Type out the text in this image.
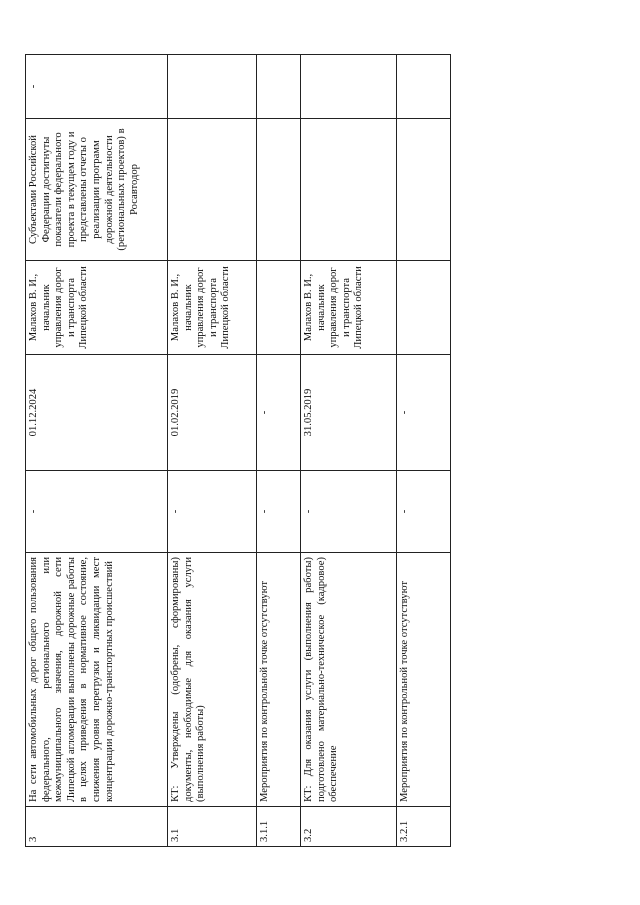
3	На сети автомобильных дорог общего пользования федерального, регионального или межмуниципального значения, дорожной сети Липецкой агломерации выполнены дорожные работы в целях приведения в нормативное состояние, снижения уровня перегрузки и ликвидации мест концентрации дорожно-транспортных происшествий	-	01.12.2024	Малахов В. И., начальник управления дорог и транспорта Липецкой области	Субъектами Российской Федерации достигнуты показатели федерального проекта в текущем году и представлены отчеты о реализации программ дорожной деятельности (региональных проектов) в Росавтодор	-
3.1	КТ: Утверждены (одобрены, сформированы) документы, необходимые для оказания услуги (выполнения работы)	-	01.02.2019	Малахов В. И., начальник управления дорог и транспорта Липецкой области		
3.1.1	Мероприятия по контрольной точке отсутствуют	-	-			
3.2	КТ: Для оказания услуги (выполнения работы) подготовлено материально-техническое (кадровое) обеспечение	-	31.05.2019	Малахов В. И., начальник управления дорог и транспорта Липецкой области		
3.2.1	Мероприятия по контрольной точке отсутствуют	-	-			
